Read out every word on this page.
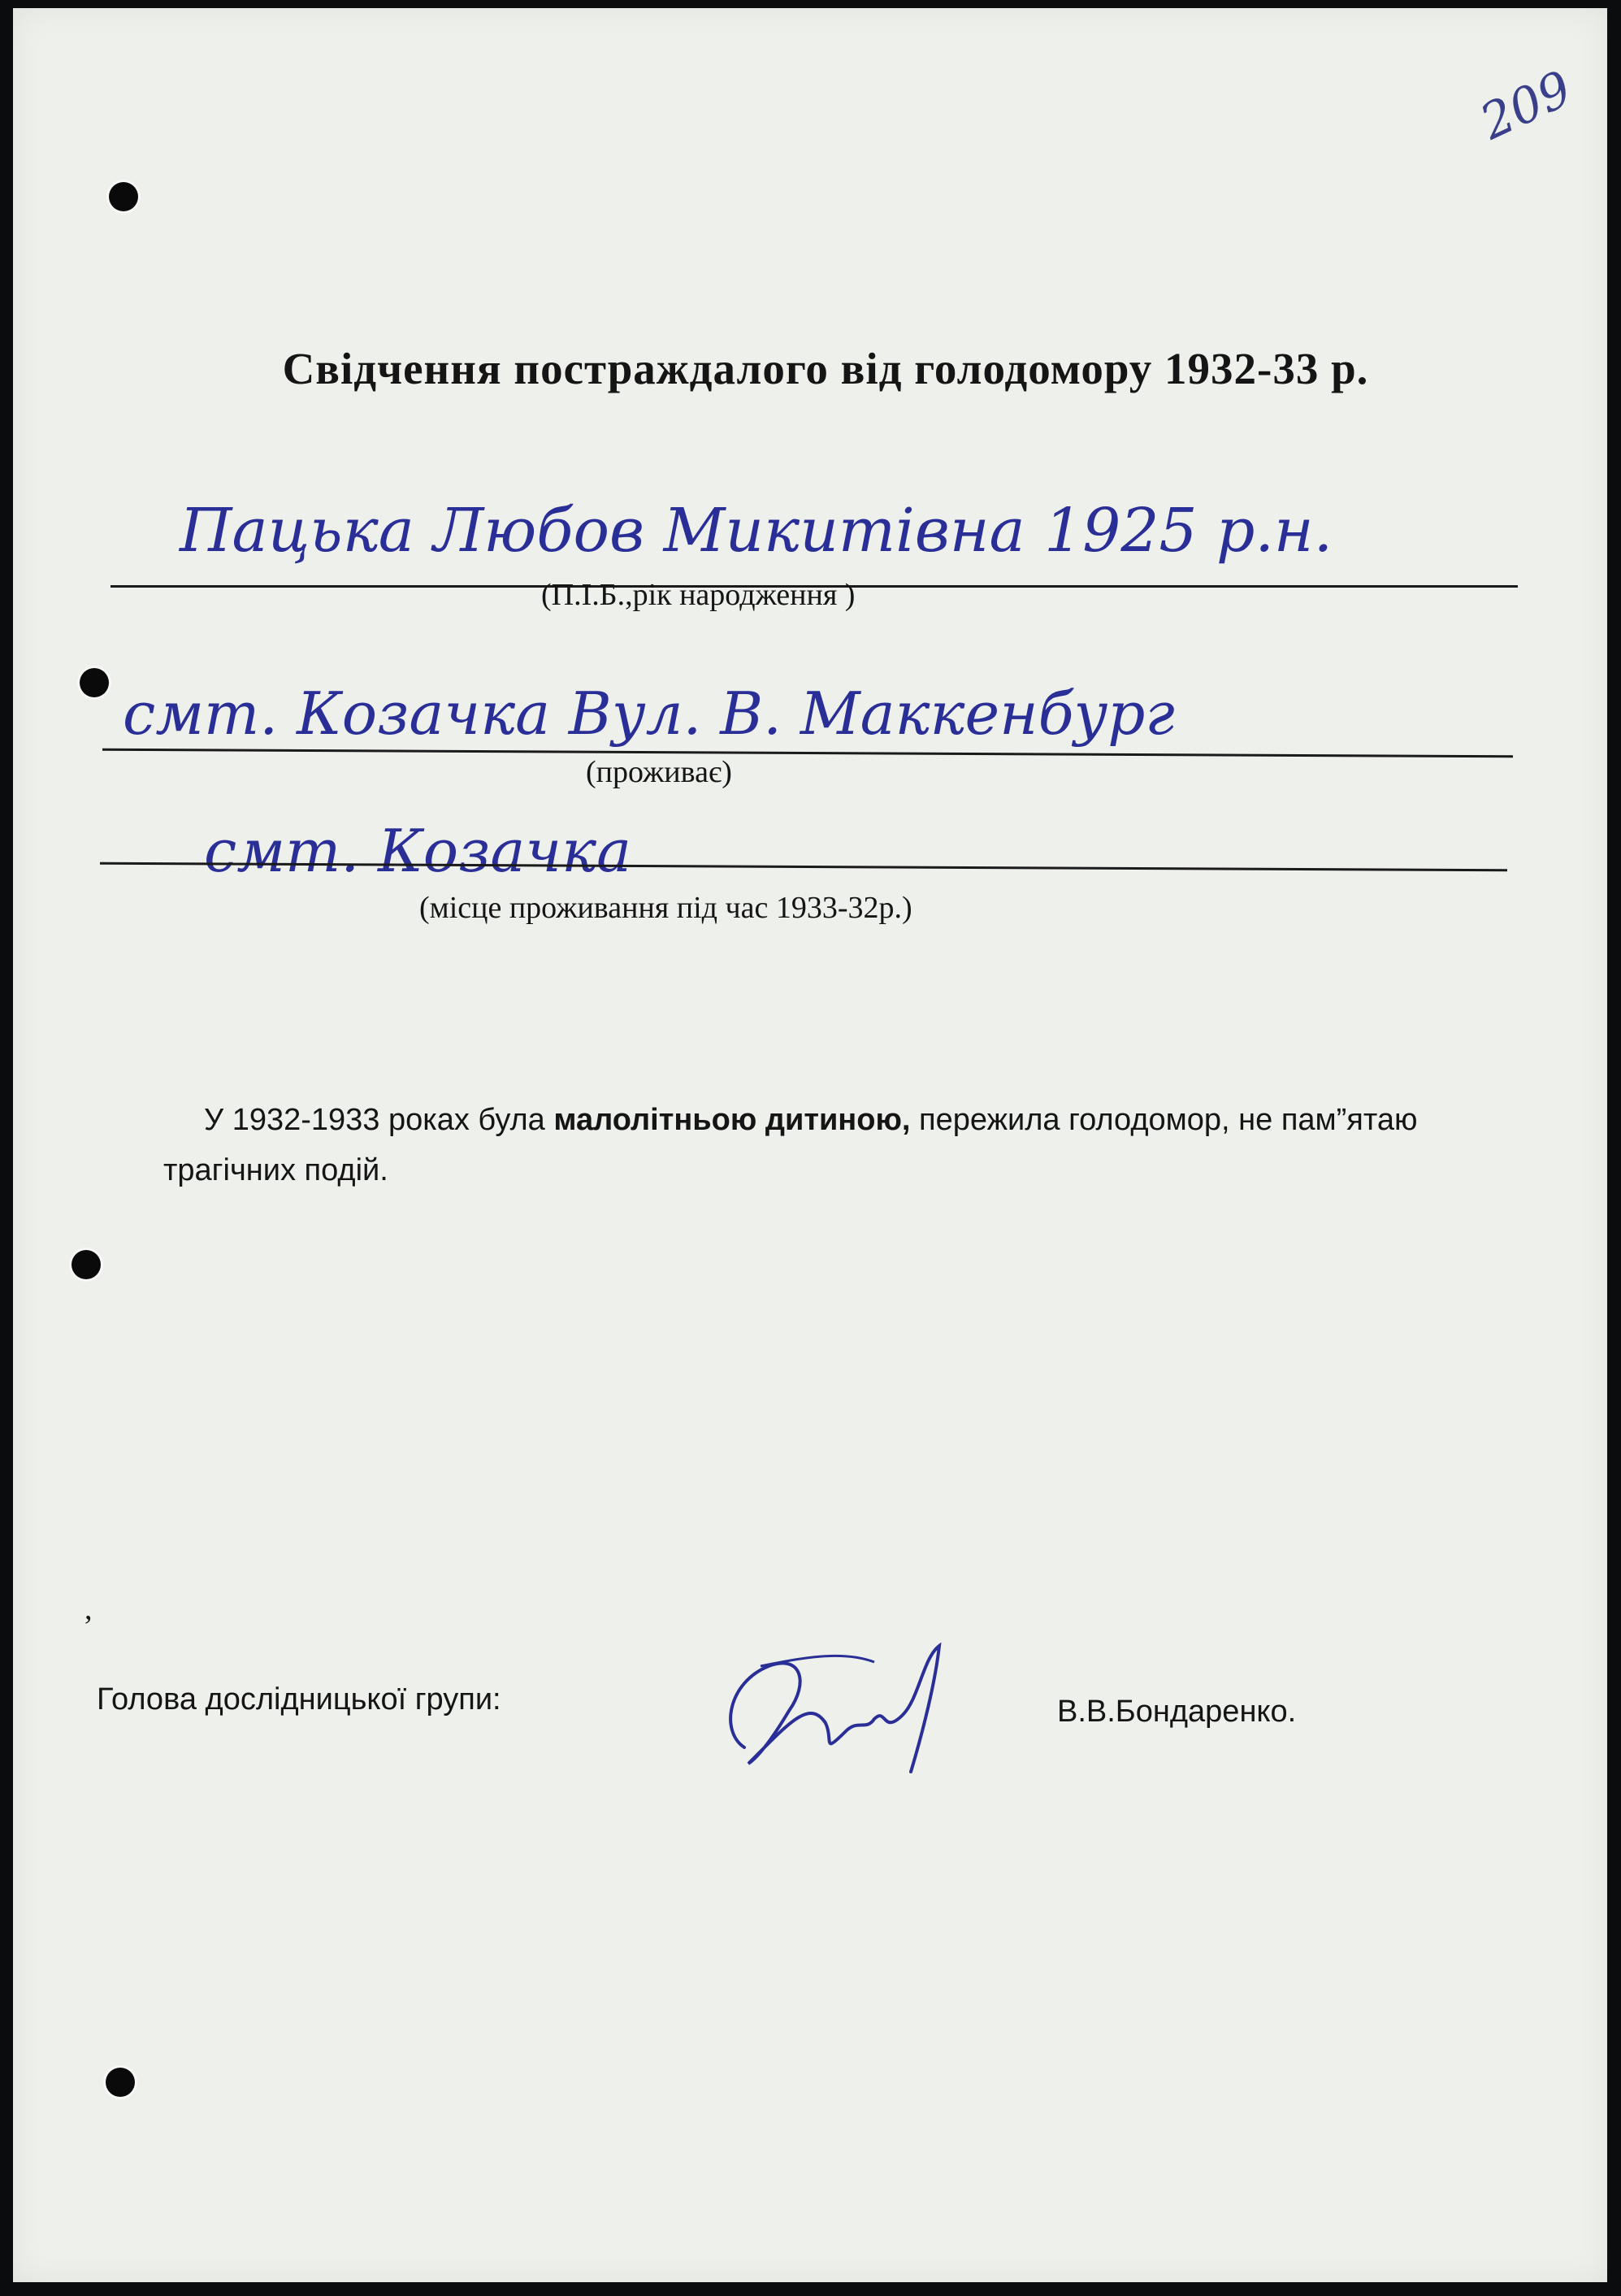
209
Свідчення постраждалого від голодомору 1932-33 р.
Пацька Любов Микитівна 1925 р.н.
(П.І.Б.,рік народження )
смт. Козачка Вул. В. Маккенбург
(проживає)
смт. Козачка
(місце проживання під час 1933-32р.)
У 1932-1933 роках була малолітньою дитиною, пережила голодомор, не пам”ятаю трагічних подій.
,
Голова дослідницької групи:	В.В.Бондаренко.
